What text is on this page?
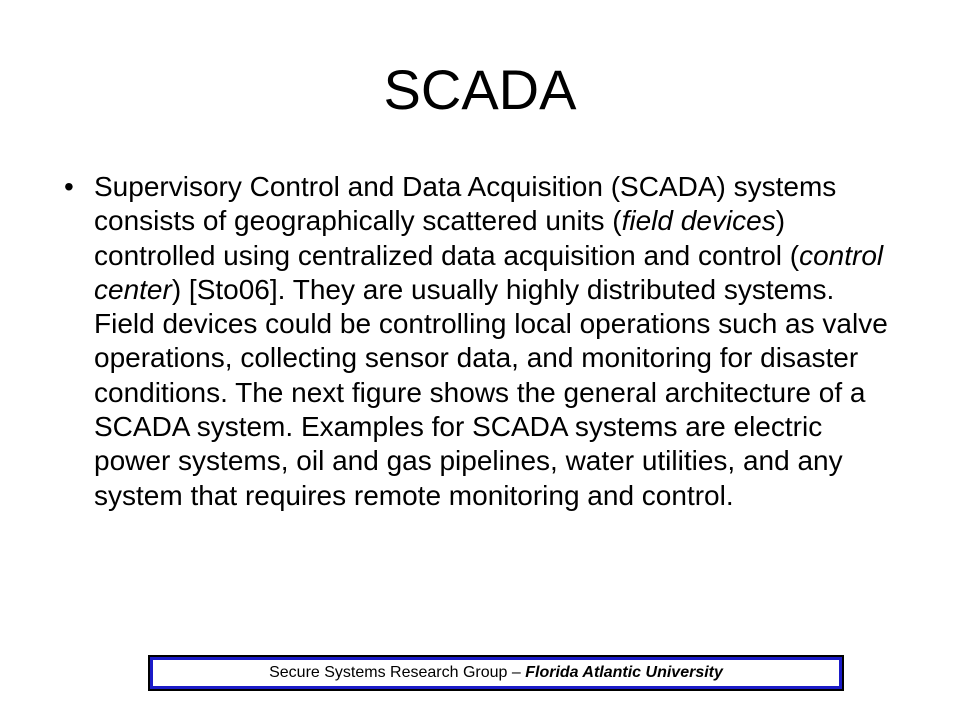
SCADA
• Supervisory Control and Data Acquisition (SCADA) systems consists of geographically scattered units (field devices) controlled using centralized data acquisition and control (control center) [Sto06]. They are usually highly distributed systems. Field devices could be controlling local operations such as valve operations, collecting sensor data, and monitoring for disaster conditions. The next figure shows the general architecture of a SCADA system. Examples for SCADA systems are electric power systems, oil and gas pipelines, water utilities, and any system that requires remote monitoring and control.
Secure Systems Research Group – Florida Atlantic University
